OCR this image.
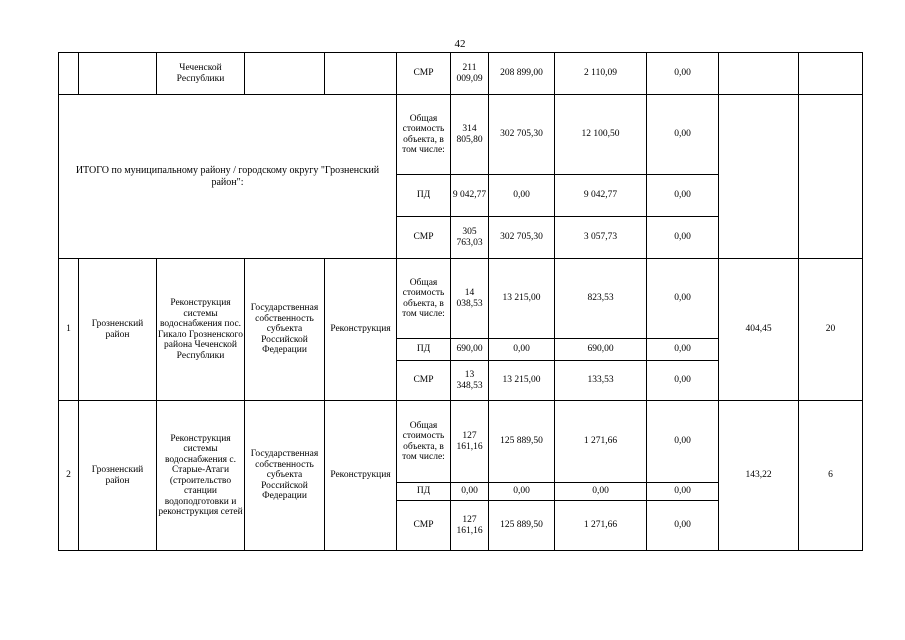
42
		Чеченской Республики			СМР	211 009,09	208 899,00	2 110,09	0,00		
ИТОГО по муниципальному району / городскому округу "Грозненский район":					Общая стоимость объекта, в том числе:	314 805,80	302 705,30	12 100,50	0,00		
					ПД	9 042,77	0,00	9 042,77	0,00		
					СМР	305 763,03	302 705,30	3 057,73	0,00		
1	Грозненский район	Реконструкция системы водоснабжения пос. Гикало Грозненского района Чеченской Республики	Государственная собственность субъекта Российской Федерации	Реконструкция	Общая стоимость объекта, в том числе:	14 038,53	13 215,00	823,53	0,00	404,45	20
					ПД	690,00	0,00	690,00	0,00		
					СМР	13 348,53	13 215,00	133,53	0,00		
2	Грозненский район	Реконструкция системы водоснабжения с. Старые-Атаги (строительство станции водоподготовки и реконструкция сетей	Государственная собственность субъекта Российской Федерации	Реконструкция	Общая стоимость объекта, в том числе:	127 161,16	125 889,50	1 271,66	0,00	143,22	6
					ПД	0,00	0,00	0,00	0,00		
					СМР	127 161,16	125 889,50	1 271,66	0,00		
